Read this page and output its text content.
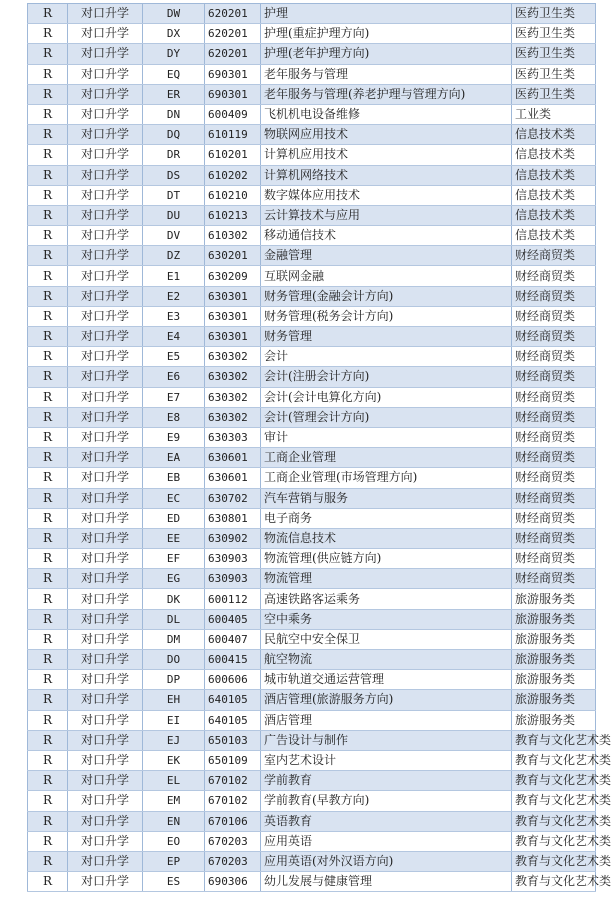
R	对口升学	DW	620201	护理	医药卫生类
R	对口升学	DX	620201	护理(重症护理方向)	医药卫生类
R	对口升学	DY	620201	护理(老年护理方向)	医药卫生类
R	对口升学	EQ	690301	老年服务与管理	医药卫生类
R	对口升学	ER	690301	老年服务与管理(养老护理与管理方向)	医药卫生类
R	对口升学	DN	600409	飞机机电设备维修	工业类
R	对口升学	DQ	610119	物联网应用技术	信息技术类
R	对口升学	DR	610201	计算机应用技术	信息技术类
R	对口升学	DS	610202	计算机网络技术	信息技术类
R	对口升学	DT	610210	数字媒体应用技术	信息技术类
R	对口升学	DU	610213	云计算技术与应用	信息技术类
R	对口升学	DV	610302	移动通信技术	信息技术类
R	对口升学	DZ	630201	金融管理	财经商贸类
R	对口升学	E1	630209	互联网金融	财经商贸类
R	对口升学	E2	630301	财务管理(金融会计方向)	财经商贸类
R	对口升学	E3	630301	财务管理(税务会计方向)	财经商贸类
R	对口升学	E4	630301	财务管理	财经商贸类
R	对口升学	E5	630302	会计	财经商贸类
R	对口升学	E6	630302	会计(注册会计方向)	财经商贸类
R	对口升学	E7	630302	会计(会计电算化方向)	财经商贸类
R	对口升学	E8	630302	会计(管理会计方向)	财经商贸类
R	对口升学	E9	630303	审计	财经商贸类
R	对口升学	EA	630601	工商企业管理	财经商贸类
R	对口升学	EB	630601	工商企业管理(市场管理方向)	财经商贸类
R	对口升学	EC	630702	汽车营销与服务	财经商贸类
R	对口升学	ED	630801	电子商务	财经商贸类
R	对口升学	EE	630902	物流信息技术	财经商贸类
R	对口升学	EF	630903	物流管理(供应链方向)	财经商贸类
R	对口升学	EG	630903	物流管理	财经商贸类
R	对口升学	DK	600112	高速铁路客运乘务	旅游服务类
R	对口升学	DL	600405	空中乘务	旅游服务类
R	对口升学	DM	600407	民航空中安全保卫	旅游服务类
R	对口升学	DO	600415	航空物流	旅游服务类
R	对口升学	DP	600606	城市轨道交通运营管理	旅游服务类
R	对口升学	EH	640105	酒店管理(旅游服务方向)	旅游服务类
R	对口升学	EI	640105	酒店管理	旅游服务类
R	对口升学	EJ	650103	广告设计与制作	教育与文化艺术类
R	对口升学	EK	650109	室内艺术设计	教育与文化艺术类
R	对口升学	EL	670102	学前教育	教育与文化艺术类
R	对口升学	EM	670102	学前教育(早教方向)	教育与文化艺术类
R	对口升学	EN	670106	英语教育	教育与文化艺术类
R	对口升学	EO	670203	应用英语	教育与文化艺术类
R	对口升学	EP	670203	应用英语(对外汉语方向)	教育与文化艺术类
R	对口升学	ES	690306	幼儿发展与健康管理	教育与文化艺术类
